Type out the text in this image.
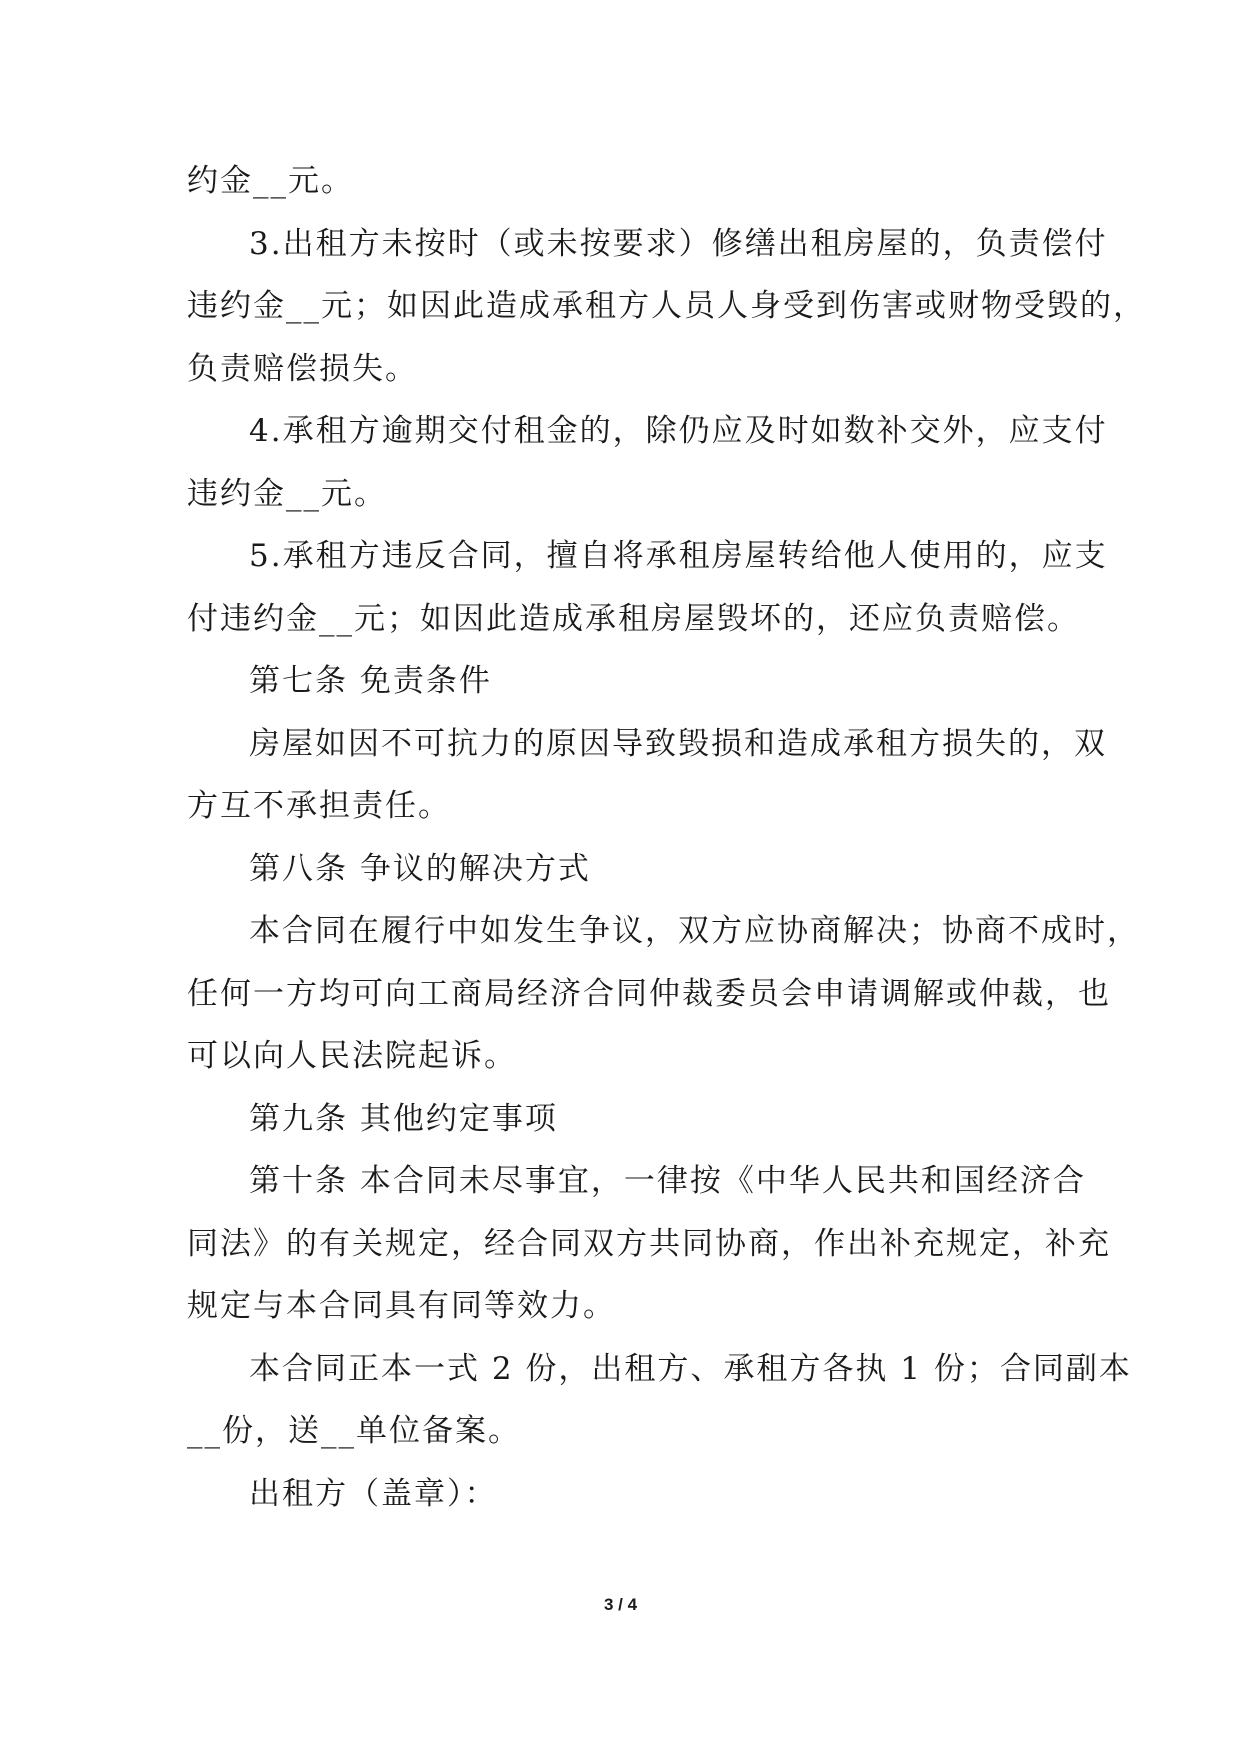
约金__元。
3.出租方未按时（或未按要求）修缮出租房屋的，负责偿付
违约金__元；如因此造成承租方人员人身受到伤害或财物受毁的，
负责赔偿损失。
4.承租方逾期交付租金的，除仍应及时如数补交外，应支付
违约金__元。
5.承租方违反合同，擅自将承租房屋转给他人使用的，应支
付违约金__元；如因此造成承租房屋毁坏的，还应负责赔偿。
第七条 免责条件
房屋如因不可抗力的原因导致毁损和造成承租方损失的，双
方互不承担责任。
第八条 争议的解决方式
本合同在履行中如发生争议，双方应协商解决；协商不成时，
任何一方均可向工商局经济合同仲裁委员会申请调解或仲裁，也
可以向人民法院起诉。
第九条 其他约定事项
第十条 本合同未尽事宜，一律按《中华人民共和国经济合
同法》的有关规定，经合同双方共同协商，作出补充规定，补充
规定与本合同具有同等效力。
本合同正本一式 2 份，出租方、承租方各执 1 份；合同副本
__份，送__单位备案。
出租方（盖章）：
3 / 4
